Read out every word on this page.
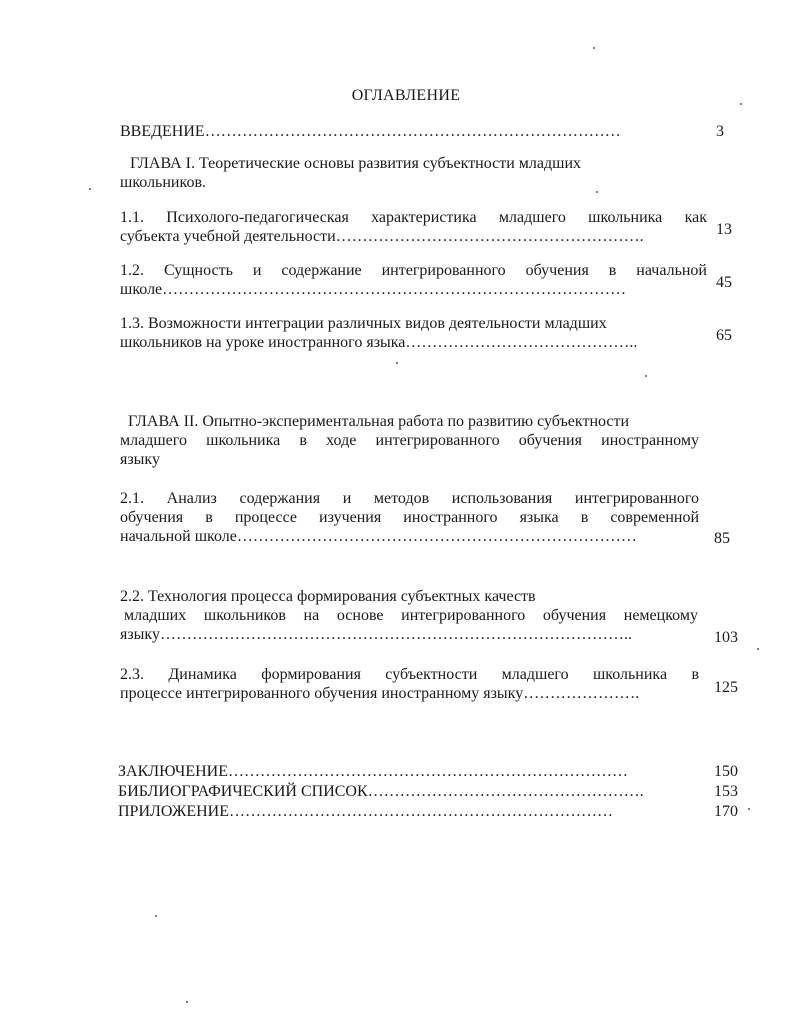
ОГЛАВЛЕНИЕ
ВВЕДЕНИЕ……………………………………………………………………	3
ГЛАВА I. Теоретические основы развития субъектности младших
школьников.
1.1. Психолого-педагогическая характеристика младшего школьника как
субъекта учебной деятельности………………………………………………….	13
1.2. Сущность и содержание интегрированного обучения в начальной
школе……………………………………………………………………………	45
1.3. Возможности интеграции различных видов деятельности младших
школьников на уроке иностранного языка……………………………………..	65
ГЛАВА II. Опытно-экспериментальная работа по развитию субъектности
младшего школьника в ходе интегрированного обучения иностранному
языку
2.1. Анализ содержания и методов использования интегрированного
обучения в процессе изучения иностранного языка в современной
начальной школе…………………………………………………………………	85
2.2. Технология процесса формирования субъектных качеств
младших школьников на основе интегрированного обучения немецкому
языку……………………………………………………………………………..	103
2.3. Динамика формирования субъектности младшего школьника в
процессе интегрированного обучения иностранному языку………………….	125
ЗАКЛЮЧЕНИЕ…………………………………………………………………	150
БИБЛИОГРАФИЧЕСКИЙ СПИСОК…………………………………………….	153
ПРИЛОЖЕНИЕ………………………………………………………………	170
